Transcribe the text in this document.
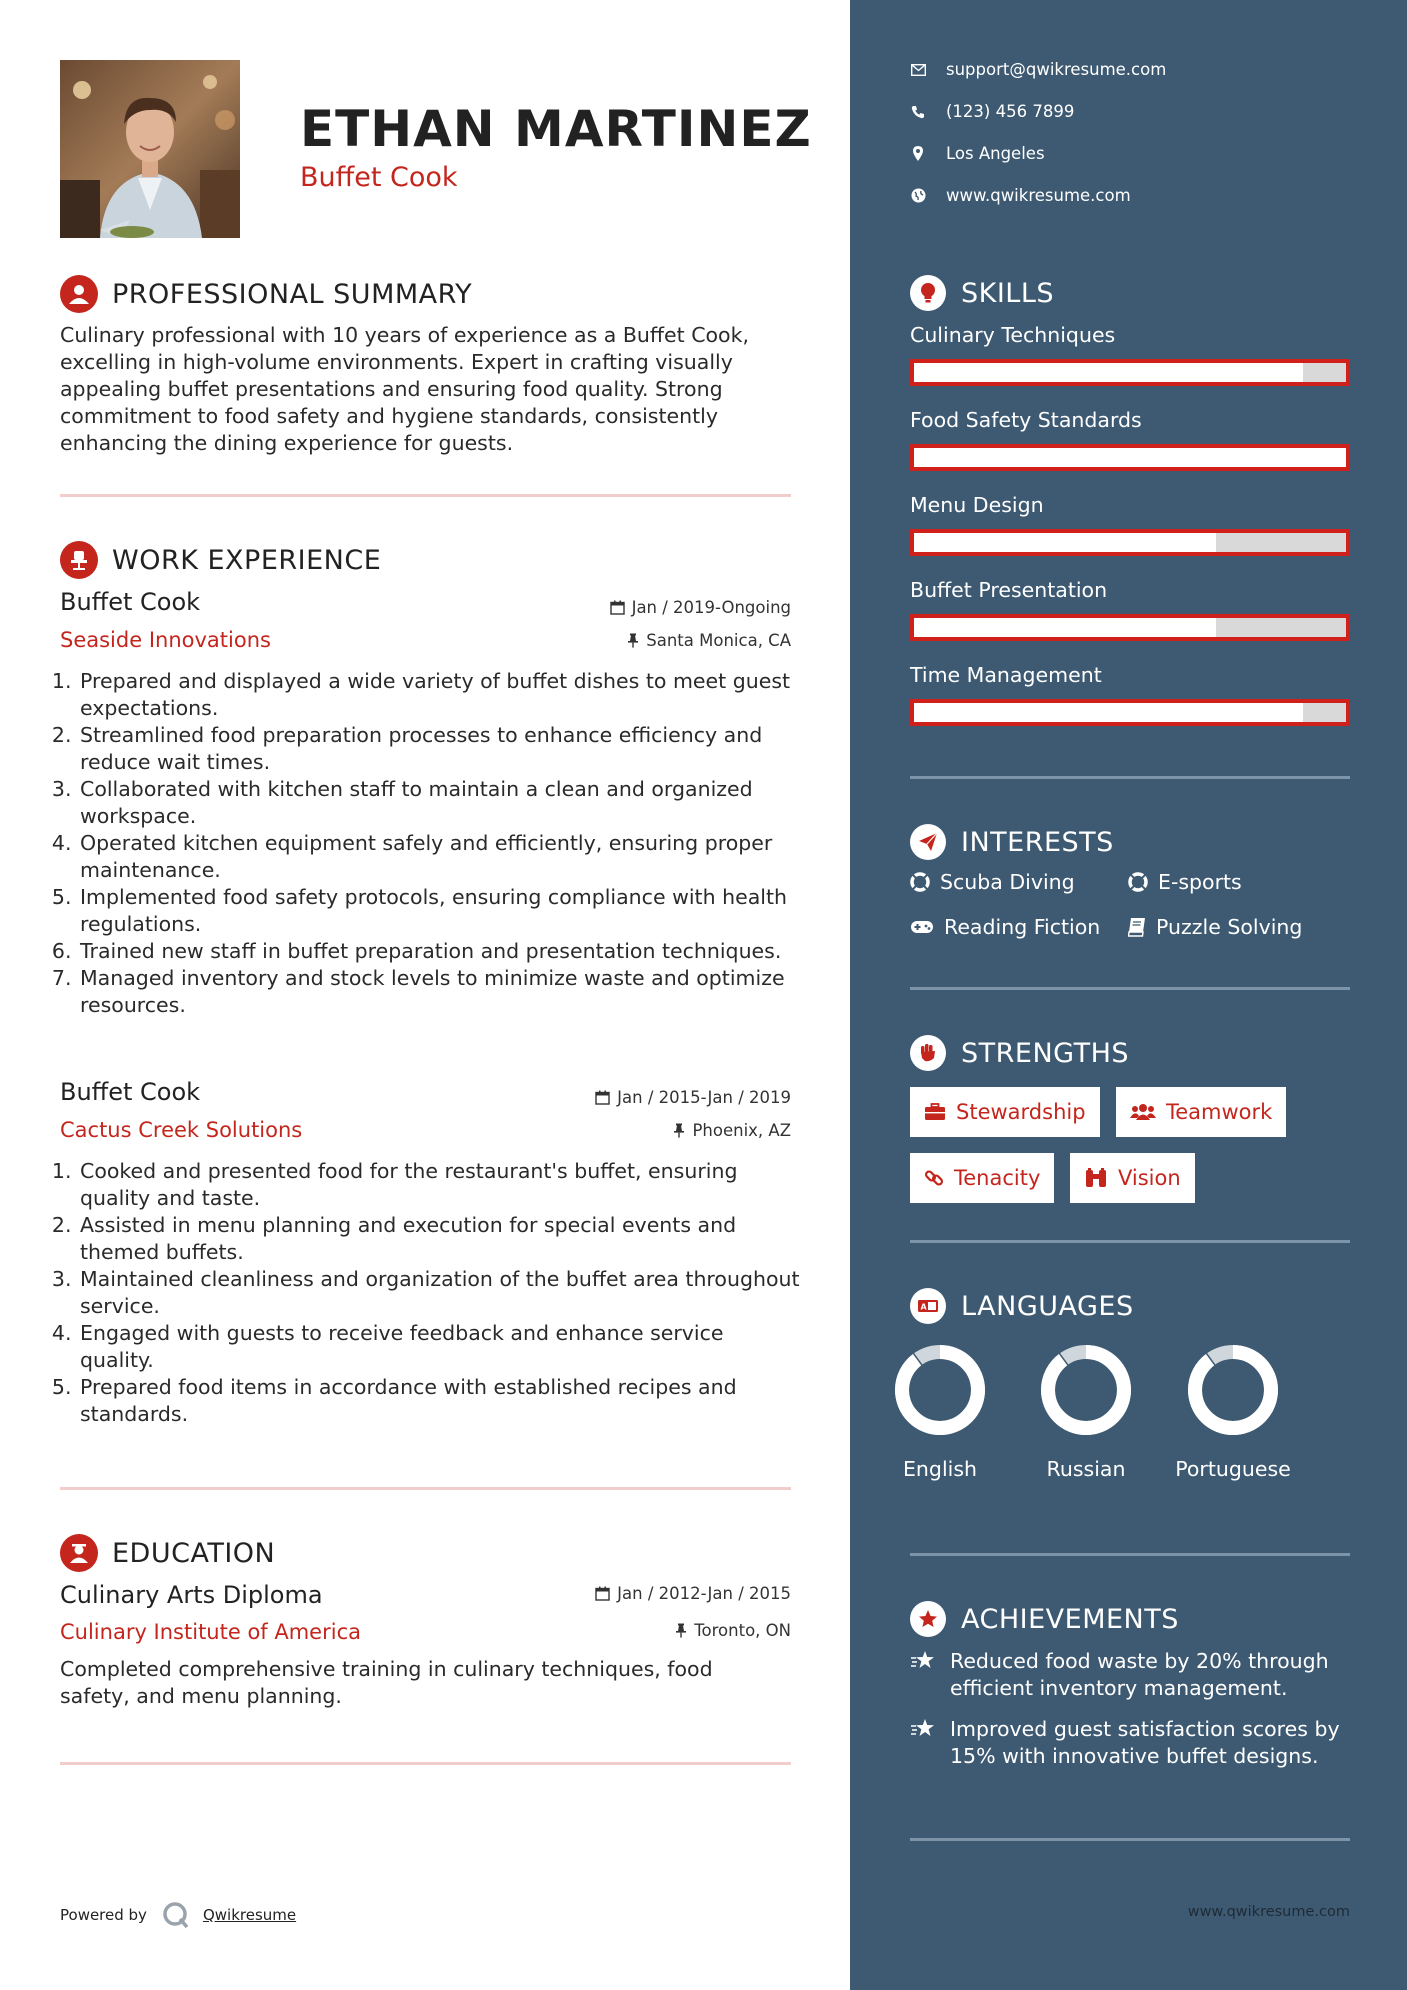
ETHAN MARTINEZ
Buffet Cook
PROFESSIONAL SUMMARY
Culinary professional with 10 years of experience as a Buffet Cook, excelling in high-volume environments. Expert in crafting visually appealing buffet presentations and ensuring food quality. Strong commitment to food safety and hygiene standards, consistently enhancing the dining experience for guests.
WORK EXPERIENCE
Buffet Cook	Jan / 2019-Ongoing
Seaside Innovations	Santa Monica, CA
1. Prepared and displayed a wide variety of buffet dishes to meet guest expectations.
2. Streamlined food preparation processes to enhance efficiency and reduce wait times.
3. Collaborated with kitchen staff to maintain a clean and organized workspace.
4. Operated kitchen equipment safely and efficiently, ensuring proper maintenance.
5. Implemented food safety protocols, ensuring compliance with health regulations.
6. Trained new staff in buffet preparation and presentation techniques.
7. Managed inventory and stock levels to minimize waste and optimize resources.
Buffet Cook	Jan / 2015-Jan / 2019
Cactus Creek Solutions	Phoenix, AZ
1. Cooked and presented food for the restaurant's buffet, ensuring quality and taste.
2. Assisted in menu planning and execution for special events and themed buffets.
3. Maintained cleanliness and organization of the buffet area throughout service.
4. Engaged with guests to receive feedback and enhance service quality.
5. Prepared food items in accordance with established recipes and standards.
EDUCATION
Culinary Arts Diploma	Jan / 2012-Jan / 2015
Culinary Institute of America	Toronto, ON
Completed comprehensive training in culinary techniques, food safety, and menu planning.
Powered by	Qwikresume
support@qwikresume.com
(123) 456 7899
Los Angeles
www.qwikresume.com
SKILLS
Culinary Techniques
Food Safety Standards
Menu Design
Buffet Presentation
Time Management
INTERESTS
Scuba Diving	E-sports
Reading Fiction	Puzzle Solving
STRENGTHS
Stewardship	Teamwork
Tenacity	Vision
A LANGUAGES
English	Russian	Portuguese
ACHIEVEMENTS
Reduced food waste by 20% through efficient inventory management.
Improved guest satisfaction scores by 15% with innovative buffet designs.
www.qwikresume.com
